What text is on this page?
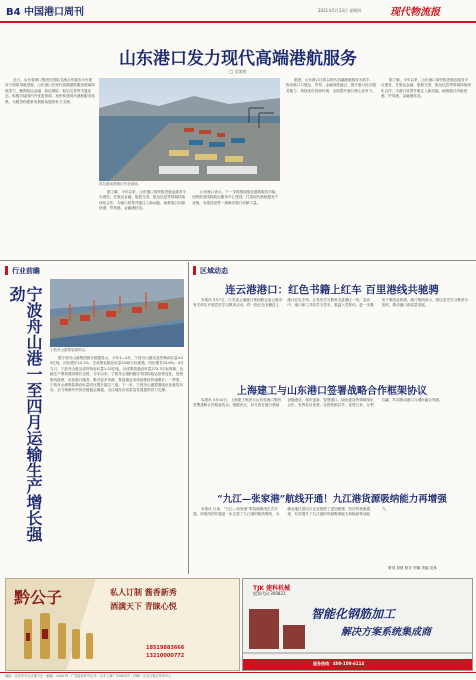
B4 中国港口周刊	2021年5月13日 星期四	现代物流报
山东港口发力现代高端港航服务
□ 吴荣欣

近日，山东省港口集团在国际交流合作服务平台建设方面取得新进展。山东港口在现代高端港航服务领域持续发力，聚焦航运金融、航运保险、航运交易等关键业态，积极对接国内外优质资源，加快构建现代港航服务体系，为服务构建新发展格局提供有力支撑。

青岛港前湾港区作业现场。

据了解，今年以来，山东港口加快推进航运服务平台建设，在航运金融、船舶交易、航运信息等领域持续深化合作，为港口转型升级注入新动能，助推港口向枢纽港、贸易港、金融港转变。

山东港口表示，下一步将继续强化港航服务功能，加快推进国际航运服务中心建设，打造现代港航服务产业链，为建设世界一流海洋港口贡献力量。

据悉，山东港口还将以现代高端港航服务为抓手，推动港口与航运、贸易、金融深度融合，提升港口综合服务能力，持续优化营商环境，全面提升港口核心竞争力。

据了解，今年以来，山东港口加快推进航运服务平台建设，在航运金融、船舶交易、航运信息等领域持续深化合作，为港口转型升级注入新动能，助推港口向枢纽港、贸易港、金融港转变。

行业前瞻
宁波舟山港一至四月运输生产增长强劲
宁波舟山港集装箱码头。

据宁波舟山港集团统计数据显示，今年1—4月，宁波舟山港完成货物吞吐量4.05亿吨，同比增长10.1%；完成集装箱吞吐量1040万标准箱，同比增长25.6%。4月当月，宁波舟山港完成货物吞吐量1.02亿吨，完成集装箱吞吐量273.3万标准箱，运输生产保持强劲增长态势。今年以来，宁波舟山港积极应对国际航运形势变化，加密航线航班，优化港口服务，吸引更多货源，集装箱业务持续保持快速增长。一季度，宁波舟山港集装箱吞吐量同比增长超过三成。下一步，宁波舟山港将继续优化航线布局，全力保障外贸供应链稳定畅通，为区域经济高质量发展提供有力支撑。

区域动态
连云港港口：红色书籍上红车 百里港线共驰骋

本报讯 5月7日，江苏连云港港口集团联合连云港市有关单位开展党史学习教育活动，将一批红色书籍送上港口红色专列，让党史学习教育走进港区一线。活动中，港口职工共同学习党史，重温入党誓词，进一步激发干事创业热情。港口集团表示，将以党史学习教育为契机，推动港口高质量发展。

上海建工与山东港口签署战略合作框架协议

本报讯 5月10日，上海建工集团与山东省港口集团签署战略合作框架协议。根据协议，双方将在港口基础设施建设、城市更新、智慧港口、绿色建造等领域深化合作，发挥各自优势，实现资源共享、优势互补、互利共赢，共同推动港口与城市融合发展。

“九江—张家港”航线开通！九江港货源吸纳能力再增强

本报讯 日前，“九江—张家港”集装箱航线正式开通，该航线的开通进一步完善了九江港的航线网络，为赣北地区进出口企业提供了更加便捷、经济的物流通道，有效提升了九江港的货源吸纳能力和辐射带动能力。

策划 刘倩 校对 李娜 美编 范林
黔公子	私人订制 酱香新秀
酒满天下 青睐心悦
18519883666
13210000772
TJK 建科机械
股票代码 300823
智能化钢筋加工
解决方案系统集成商
服务热线：400-100-6114
地址：北京市丰台区南方庄 · 邮编：100079 · 广告经营许可证号：京丰工商广字0015号 · 印刷：北京日报社印务中心
